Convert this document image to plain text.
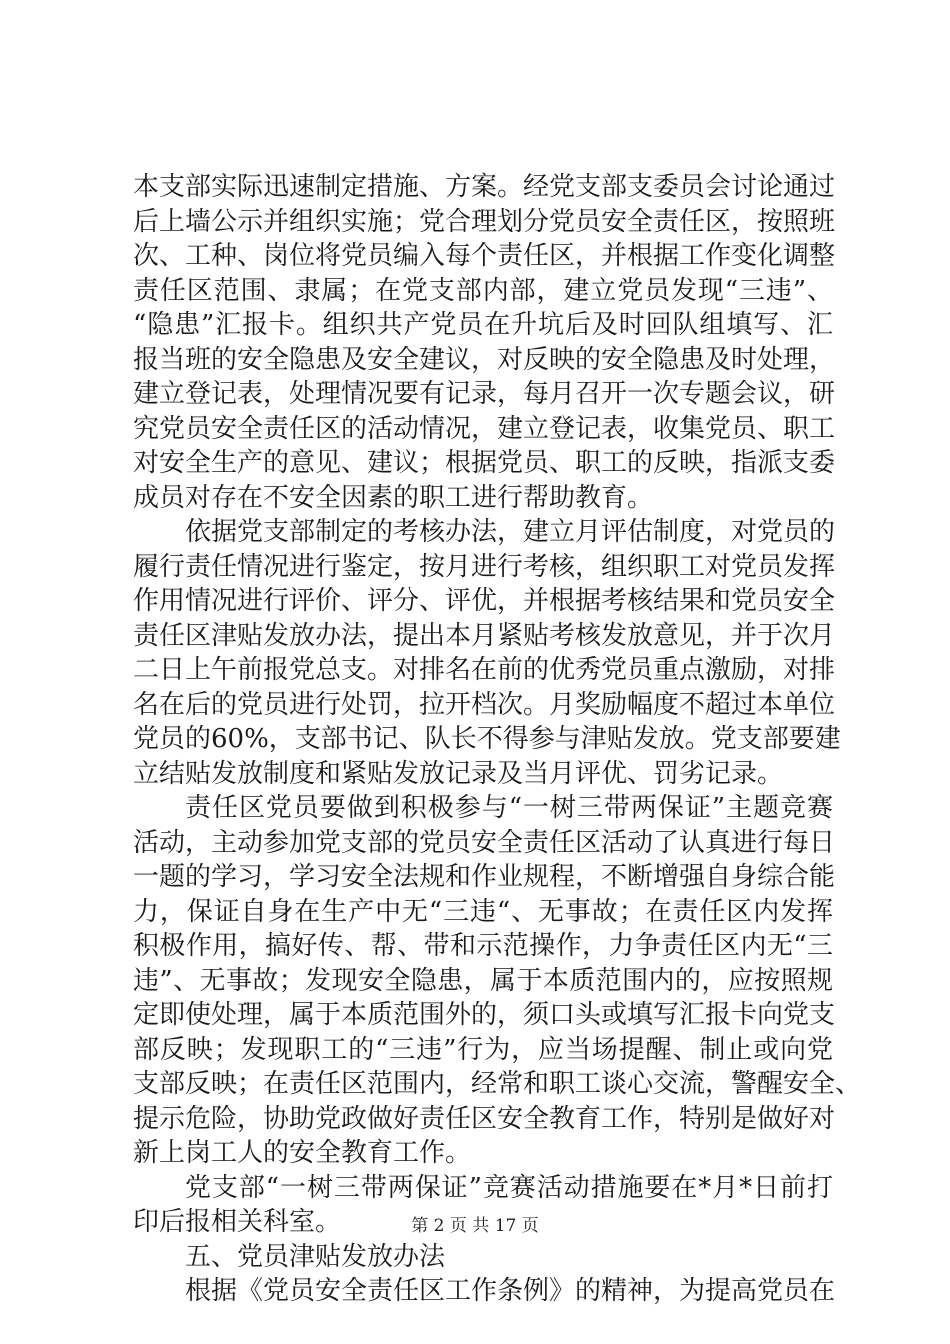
本支部实际迅速制定措施、方案。经党支部支委员会讨论通过
后上墙公示并组织实施；党合理划分党员安全责任区，按照班
次、工种、岗位将党员编入每个责任区，并根据工作变化调整
责任区范围、隶属；在党支部内部，建立党员发现“三违”、
“隐患”汇报卡。组织共产党员在升坑后及时回队组填写、汇
报当班的安全隐患及安全建议，对反映的安全隐患及时处理，
建立登记表，处理情况要有记录，每月召开一次专题会议，研
究党员安全责任区的活动情况，建立登记表，收集党员、职工
对安全生产的意见、建议；根据党员、职工的反映，指派支委
成员对存在不安全因素的职工进行帮助教育。
依据党支部制定的考核办法，建立月评估制度，对党员的
履行责任情况进行鉴定，按月进行考核，组织职工对党员发挥
作用情况进行评价、评分、评优，并根据考核结果和党员安全
责任区津贴发放办法，提出本月紧贴考核发放意见，并于次月
二日上午前报党总支。对排名在前的优秀党员重点激励，对排
名在后的党员进行处罚，拉开档次。月奖励幅度不超过本单位
党员的60%，支部书记、队长不得参与津贴发放。党支部要建
立结贴发放制度和紧贴发放记录及当月评优、罚劣记录。
责任区党员要做到积极参与“一树三带两保证”主题竞赛
活动，主动参加党支部的党员安全责任区活动了认真进行每日
一题的学习，学习安全法规和作业规程，不断增强自身综合能
力，保证自身在生产中无“三违“、无事故；在责任区内发挥
积极作用，搞好传、帮、带和示范操作，力争责任区内无“三
违”、无事故；发现安全隐患，属于本质范围内的，应按照规
定即使处理，属于本质范围外的，须口头或填写汇报卡向党支
部反映；发现职工的“三违”行为，应当场提醒、制止或向党
支部反映；在责任区范围内，经常和职工谈心交流，警醒安全、
提示危险，协助党政做好责任区安全教育工作，特别是做好对
新上岗工人的安全教育工作。
党支部“一树三带两保证”竞赛活动措施要在*月*日前打
印后报相关科室。
五、党员津贴发放办法
根据《党员安全责任区工作条例》的精神，为提高党员在
第 2 页 共 17 页
